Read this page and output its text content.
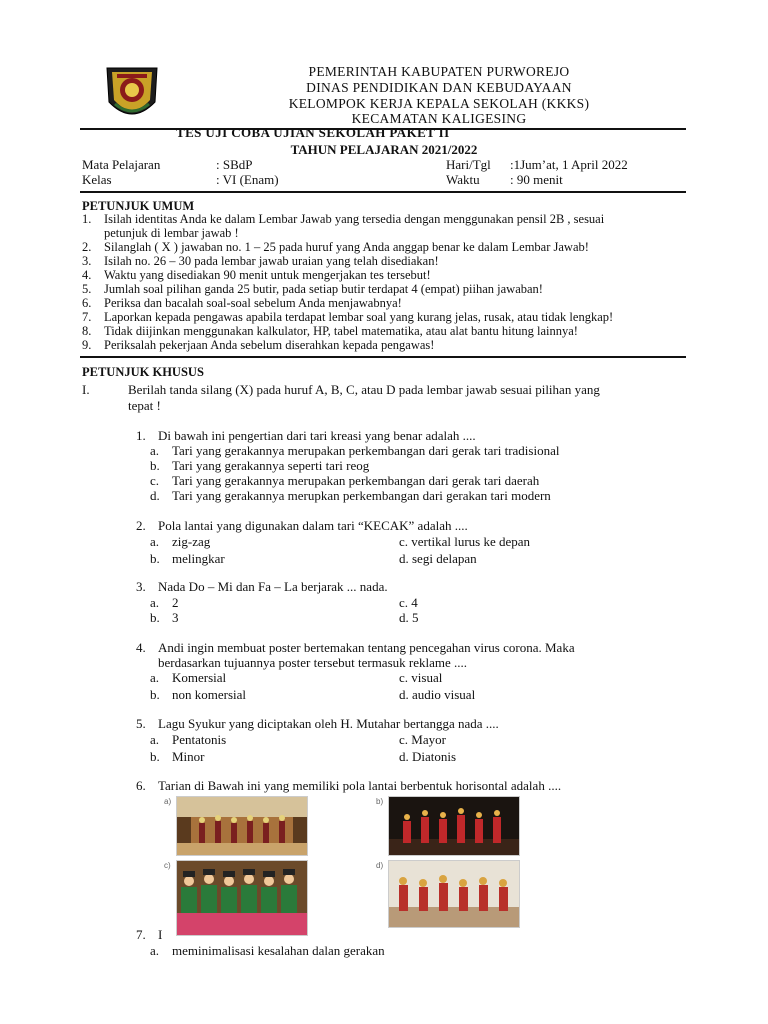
PEMERINTAH KABUPATEN PURWOREJO
DINAS PENDIDIKAN DAN KEBUDAYAAN
KELOMPOK KERJA KEPALA SEKOLAH (KKKS)
KECAMATAN KALIGESING
TES UJI COBA UJIAN SEKOLAH PAKET II
TAHUN PELAJARAN 2021/2022
Mata Pelajaran	: SBdP	Hari/Tgl :1Jum’at, 1 April 2022
Kelas	: VI (Enam)	Waktu : 90 menit
PETUNJUK UMUM
1. Isilah identitas Anda ke dalam Lembar Jawab yang tersedia dengan menggunakan pensil 2B , sesuai
petunjuk di lembar jawab !
2. Silanglah ( X ) jawaban no. 1 – 25 pada huruf yang Anda anggap benar ke dalam Lembar Jawab!
3. Isilah no. 26 – 30 pada lembar jawab uraian yang telah disediakan!
4. Waktu yang disediakan 90 menit untuk mengerjakan tes tersebut!
5. Jumlah soal pilihan ganda 25 butir, pada setiap butir terdapat 4 (empat) piihan jawaban!
6. Periksa dan bacalah soal-soal sebelum Anda menjawabnya!
7. Laporkan kepada pengawas apabila terdapat lembar soal yang kurang jelas, rusak, atau tidak lengkap!
8. Tidak diijinkan menggunakan kalkulator, HP, tabel matematika, atau alat bantu hitung lainnya!
9. Periksalah pekerjaan Anda sebelum diserahkan kepada pengawas!
PETUNJUK KHUSUS
I.	Berilah tanda silang (X) pada huruf A, B, C, atau D pada lembar jawab sesuai pilihan yang
tepat !
1. Di bawah ini pengertian dari tari kreasi yang benar adalah ....
a. Tari yang gerakannya merupakan perkembangan dari gerak tari tradisional
b. Tari yang gerakannya seperti tari reog
c. Tari yang gerakannya merupakan perkembangan dari gerak tari daerah
d. Tari yang gerakannya merupkan perkembangan dari gerakan tari modern
2. Pola lantai yang digunakan dalam tari “KECAK” adalah ....
a. zig-zag	c. vertikal lurus ke depan
b. melingkar	d. segi delapan
3. Nada Do – Mi dan Fa – La berjarak ... nada.
a. 2	c. 4
b. 3	d. 5
4. Andi ingin membuat poster bertemakan tentang pencegahan virus corona. Maka
berdasarkan tujuannya poster tersebut termasuk reklame ....
a. Komersial	c. visual
b. non komersial	d. audio visual
5. Lagu Syukur yang diciptakan oleh H. Mutahar bertangga nada ....
a. Pentatonis	c. Mayor
b. Minor	d. Diatonis
6. Tarian di Bawah ini yang memiliki pola lantai berbentuk horisontal adalah ....
a)	b)
c)	d)
7. I
a. meminimalisasi kesalahan dalan gerakan
